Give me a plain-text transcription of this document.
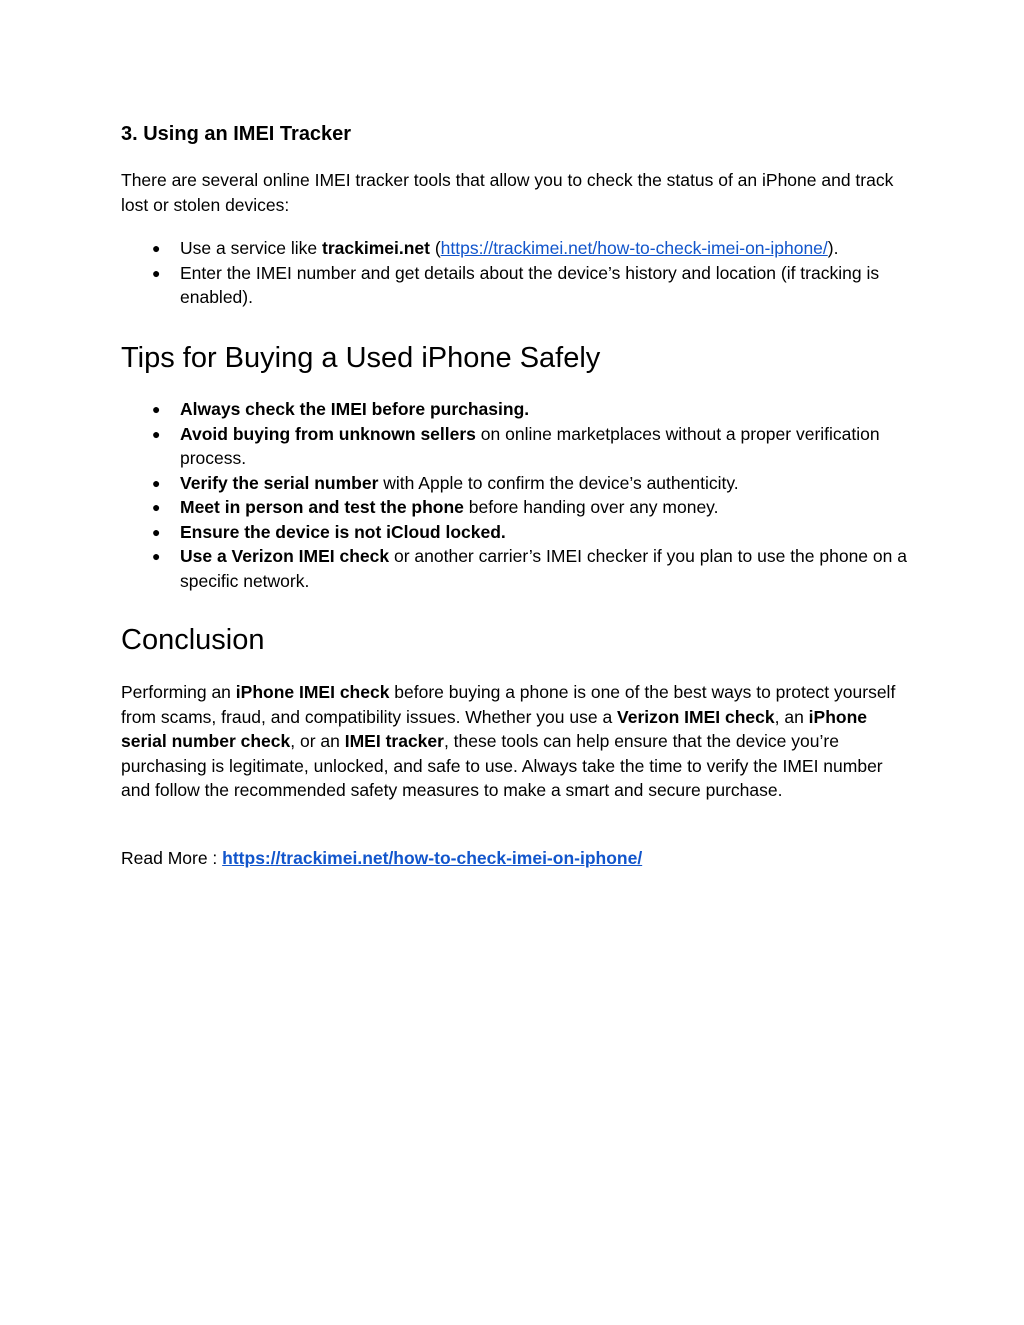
3. Using an IMEI Tracker

There are several online IMEI tracker tools that allow you to check the status of an iPhone and track lost or stolen devices:

● Use a service like trackimei.net (https://trackimei.net/how-to-check-imei-on-iphone/).
● Enter the IMEI number and get details about the device’s history and location (if tracking is enabled).
Tips for Buying a Used iPhone Safely
● Always check the IMEI before purchasing.
● Avoid buying from unknown sellers on online marketplaces without a proper verification process.
● Verify the serial number with Apple to confirm the device’s authenticity.
● Meet in person and test the phone before handing over any money.
● Ensure the device is not iCloud locked.
● Use a Verizon IMEI check or another carrier’s IMEI checker if you plan to use the phone on a specific network.
Conclusion

Performing an iPhone IMEI check before buying a phone is one of the best ways to protect yourself from scams, fraud, and compatibility issues. Whether you use a Verizon IMEI check, an iPhone serial number check, or an IMEI tracker, these tools can help ensure that the device you’re purchasing is legitimate, unlocked, and safe to use. Always take the time to verify the IMEI number and follow the recommended safety measures to make a smart and secure purchase.

Read More : https://trackimei.net/how-to-check-imei-on-iphone/
